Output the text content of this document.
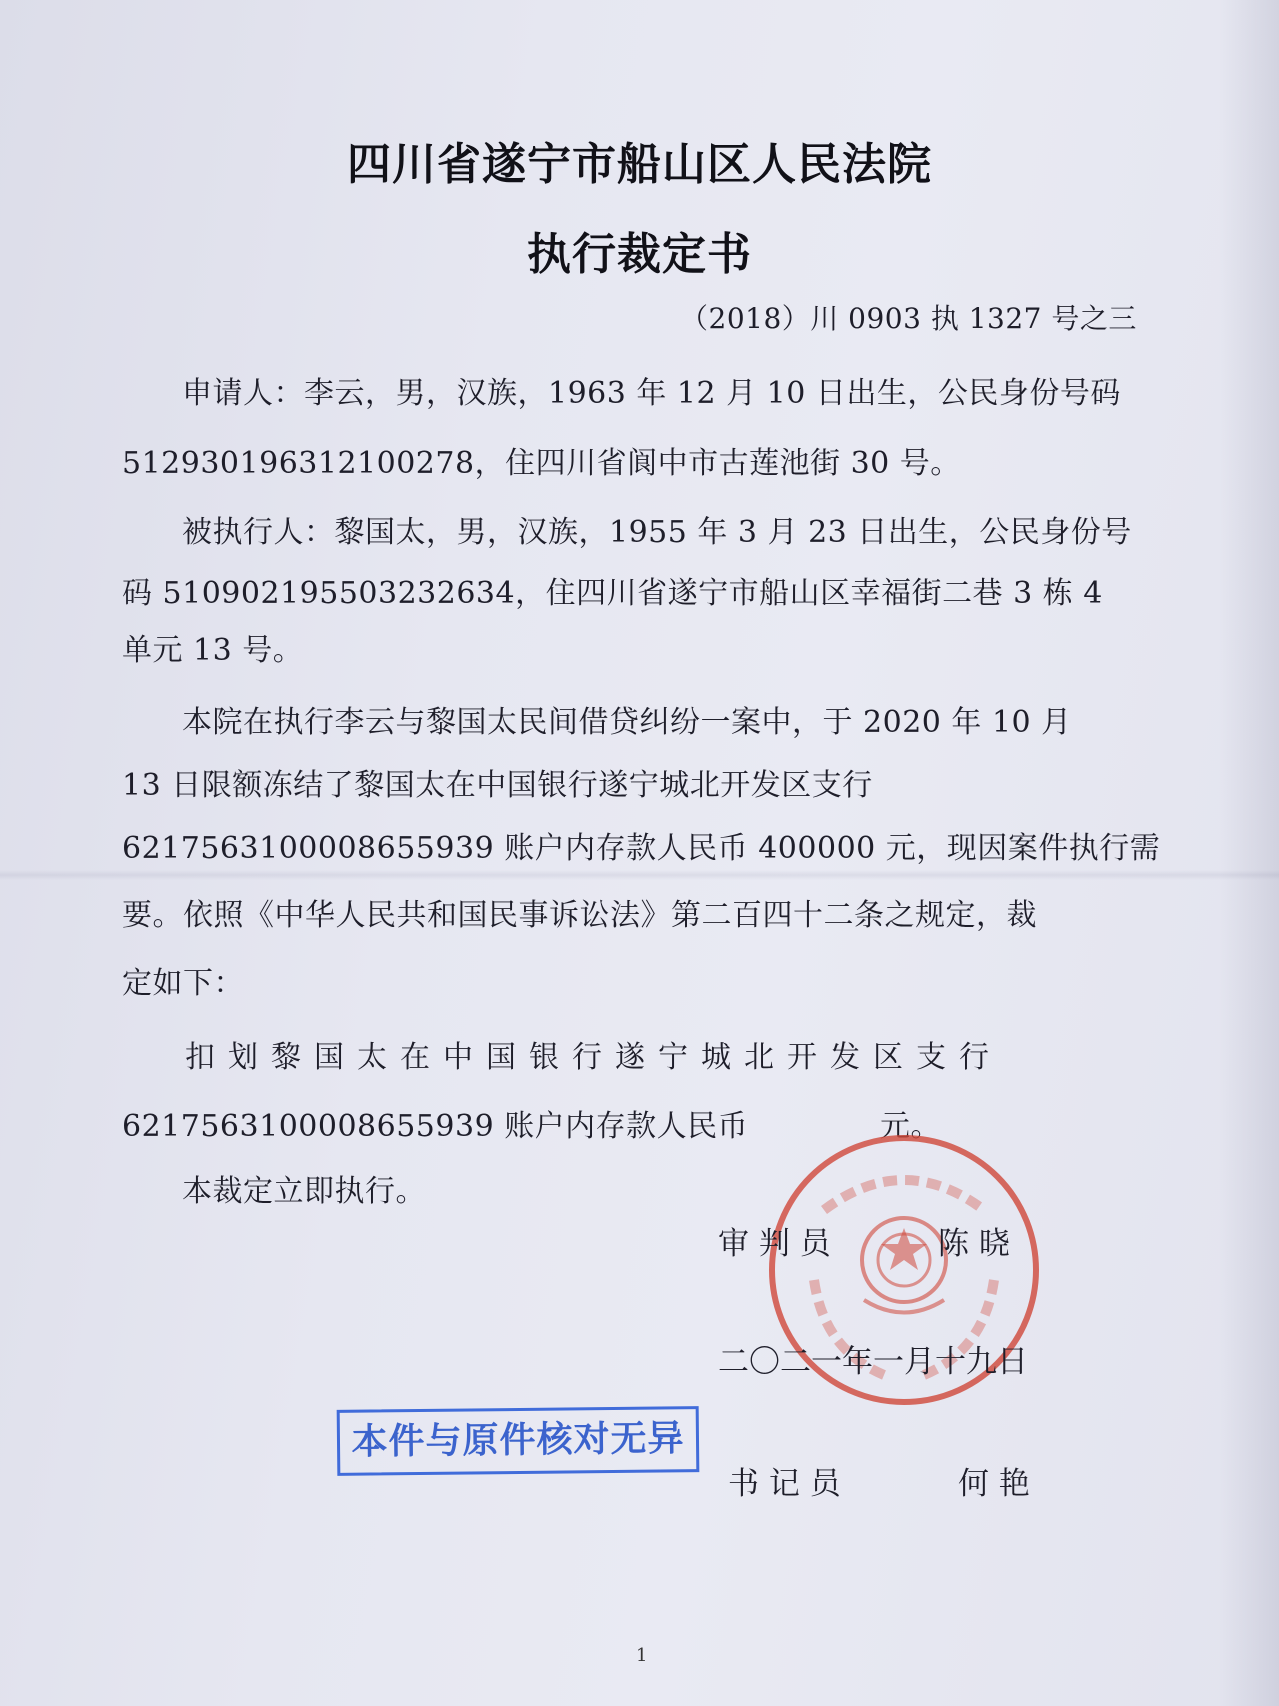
四川省遂宁市船山区人民法院
执行裁定书
（2018）川 0903 执 1327 号之三
申请人：李云，男，汉族，1963 年 12 月 10 日出生，公民身份号码
512930196312100278，住四川省阆中市古莲池街 30 号。
被执行人：黎国太，男，汉族，1955 年 3 月 23 日出生，公民身份号
码 510902195503232634，住四川省遂宁市船山区幸福街二巷 3 栋 4
单元 13 号。
本院在执行李云与黎国太民间借贷纠纷一案中，于 2020 年 10 月
13 日限额冻结了黎国太在中国银行遂宁城北开发区支行
6217563100008655939 账户内存款人民币 400000 元，现因案件执行需
要。依照《中华人民共和国民事诉讼法》第二百四十二条之规定，裁
定如下：
扣划黎国太在中国银行遂宁城北开发区支行
6217563100008655939 账户内存款人民币	元。
本裁定立即执行。
审 判 员	陈 晓
二〇二一年一月十九日
本件与原件核对无异
书 记 员	何 艳
1
